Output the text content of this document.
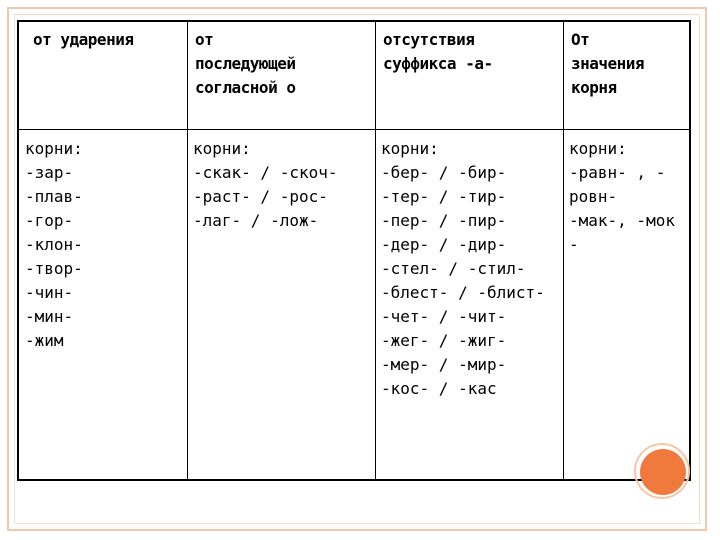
от ударения	от
последующей
согласной о
отсутствия
суффикса -а-
От
значения
корня
корни:
-зар-
-плав-
-гор-
-клон-
-твор-
-чин-
-мин-
-жим
корни:
-скак- / -скоч-
-раст- / -рос-
-лаг- / -лож-
корни:
-бер- / -бир-
-тер- / -тир-
-пер- / -пир-
-дер- / -дир-
-стел- / -стил-
-блест- / -блист-
-чет- / -чит-
-жег- / -жиг-
-мер- / -мир-
-кос- / -кас
корни:
-равн- , -
ровн-
-мак-, -мок
-
